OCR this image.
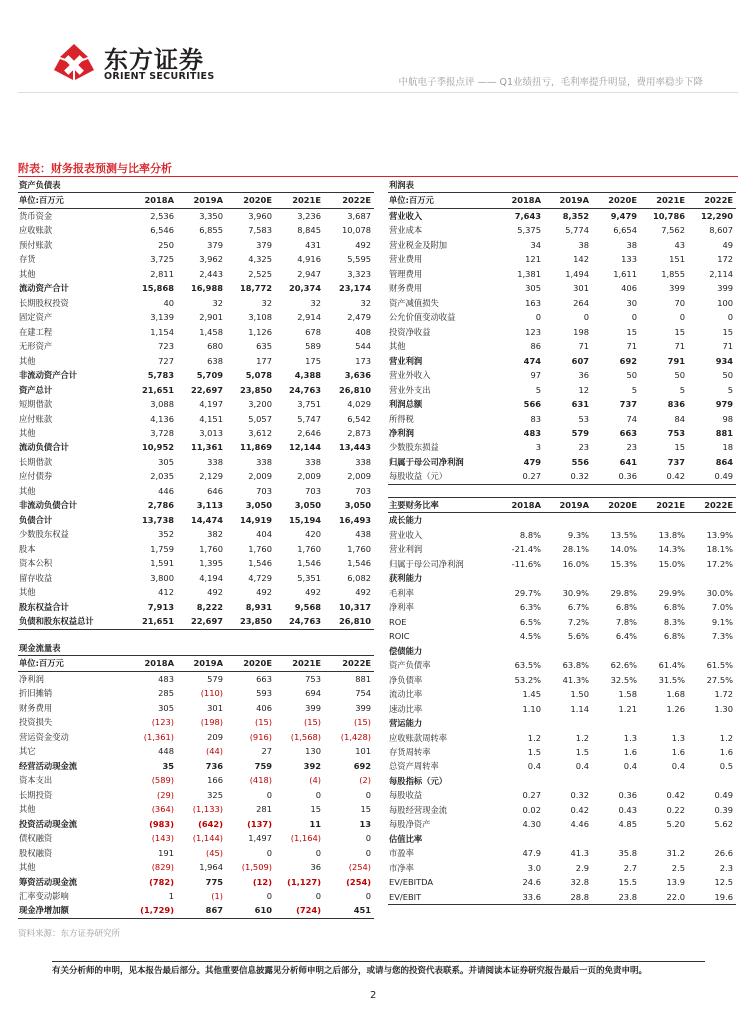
东方证券
ORIENT SECURITIES
中航电子季报点评 —— Q1业绩扭亏，毛利率提升明显，费用率稳步下降
附表：财务报表预测与比率分析
资产负债表					
单位:百万元	2018A	2019A	2020E	2021E	2022E
货币资金	2,536	3,350	3,960	3,236	3,687
应收账款	6,546	6,855	7,583	8,845	10,078
预付账款	250	379	379	431	492
存货	3,725	3,962	4,325	4,916	5,595
其他	2,811	2,443	2,525	2,947	3,323
流动资产合计	15,868	16,988	18,772	20,374	23,174
长期股权投资	40	32	32	32	32
固定资产	3,139	2,901	3,108	2,914	2,479
在建工程	1,154	1,458	1,126	678	408
无形资产	723	680	635	589	544
其他	727	638	177	175	173
非流动资产合计	5,783	5,709	5,078	4,388	3,636
资产总计	21,651	22,697	23,850	24,763	26,810
短期借款	3,088	4,197	3,200	3,751	4,029
应付账款	4,136	4,151	5,057	5,747	6,542
其他	3,728	3,013	3,612	2,646	2,873
流动负债合计	10,952	11,361	11,869	12,144	13,443
长期借款	305	338	338	338	338
应付债券	2,035	2,129	2,009	2,009	2,009
其他	446	646	703	703	703
非流动负债合计	2,786	3,113	3,050	3,050	3,050
负债合计	13,738	14,474	14,919	15,194	16,493
少数股东权益	352	382	404	420	438
股本	1,759	1,760	1,760	1,760	1,760
资本公积	1,591	1,395	1,546	1,546	1,546
留存收益	3,800	4,194	4,729	5,351	6,082
其他	412	492	492	492	492
股东权益合计	7,913	8,222	8,931	9,568	10,317
负债和股东权益总计	21,651	22,697	23,850	24,763	26,810
现金流量表					
单位:百万元	2018A	2019A	2020E	2021E	2022E
净利润	483	579	663	753	881
折旧摊销	285	(110)	593	694	754
财务费用	305	301	406	399	399
投资损失	(123)	(198)	(15)	(15)	(15)
营运资金变动	(1,361)	209	(916)	(1,568)	(1,428)
其它	448	(44)	27	130	101
经营活动现金流	35	736	759	392	692
资本支出	(589)	166	(418)	(4)	(2)
长期投资	(29)	325	0	0	0
其他	(364)	(1,133)	281	15	15
投资活动现金流	(983)	(642)	(137)	11	13
债权融资	(143)	(1,144)	1,497	(1,164)	0
股权融资	191	(45)	0	0	0
其他	(829)	1,964	(1,509)	36	(254)
筹资活动现金流	(782)	775	(12)	(1,127)	(254)
汇率变动影响	1	(1)	0	0	0
现金净增加额	(1,729)	867	610	(724)	451
利润表					
单位:百万元	2018A	2019A	2020E	2021E	2022E
营业收入	7,643	8,352	9,479	10,786	12,290
营业成本	5,375	5,774	6,654	7,562	8,607
营业税金及附加	34	38	38	43	49
营业费用	121	142	133	151	172
管理费用	1,381	1,494	1,611	1,855	2,114
财务费用	305	301	406	399	399
资产减值损失	163	264	30	70	100
公允价值变动收益	0	0	0	0	0
投资净收益	123	198	15	15	15
其他	86	71	71	71	71
营业利润	474	607	692	791	934
营业外收入	97	36	50	50	50
营业外支出	5	12	5	5	5
利润总额	566	631	737	836	979
所得税	83	53	74	84	98
净利润	483	579	663	753	881
少数股东损益	3	23	23	15	18
归属于母公司净利润	479	556	641	737	864
每股收益（元）	0.27	0.32	0.36	0.42	0.49
主要财务比率	2018A	2019A	2020E	2021E	2022E
成长能力					
营业收入	8.8%	9.3%	13.5%	13.8%	13.9%
营业利润	-21.4%	28.1%	14.0%	14.3%	18.1%
归属于母公司净利润	-11.6%	16.0%	15.3%	15.0%	17.2%
获利能力					
毛利率	29.7%	30.9%	29.8%	29.9%	30.0%
净利率	6.3%	6.7%	6.8%	6.8%	7.0%
ROE	6.5%	7.2%	7.8%	8.3%	9.1%
ROIC	4.5%	5.6%	6.4%	6.8%	7.3%
偿债能力					
资产负债率	63.5%	63.8%	62.6%	61.4%	61.5%
净负债率	53.2%	41.3%	32.5%	31.5%	27.5%
流动比率	1.45	1.50	1.58	1.68	1.72
速动比率	1.10	1.14	1.21	1.26	1.30
营运能力					
应收账款周转率	1.2	1.2	1.3	1.3	1.2
存货周转率	1.5	1.5	1.6	1.6	1.6
总资产周转率	0.4	0.4	0.4	0.4	0.5
每股指标（元）					
每股收益	0.27	0.32	0.36	0.42	0.49
每股经营现金流	0.02	0.42	0.43	0.22	0.39
每股净资产	4.30	4.46	4.85	5.20	5.62
估值比率					
市盈率	47.9	41.3	35.8	31.2	26.6
市净率	3.0	2.9	2.7	2.5	2.3
EV/EBITDA	24.6	32.8	15.5	13.9	12.5
EV/EBIT	33.6	28.8	23.8	22.0	19.6
资料来源：东方证券研究所
有关分析师的申明，见本报告最后部分。其他重要信息披露见分析师申明之后部分，或请与您的投资代表联系。并请阅读本证券研究报告最后一页的免责申明。
2
